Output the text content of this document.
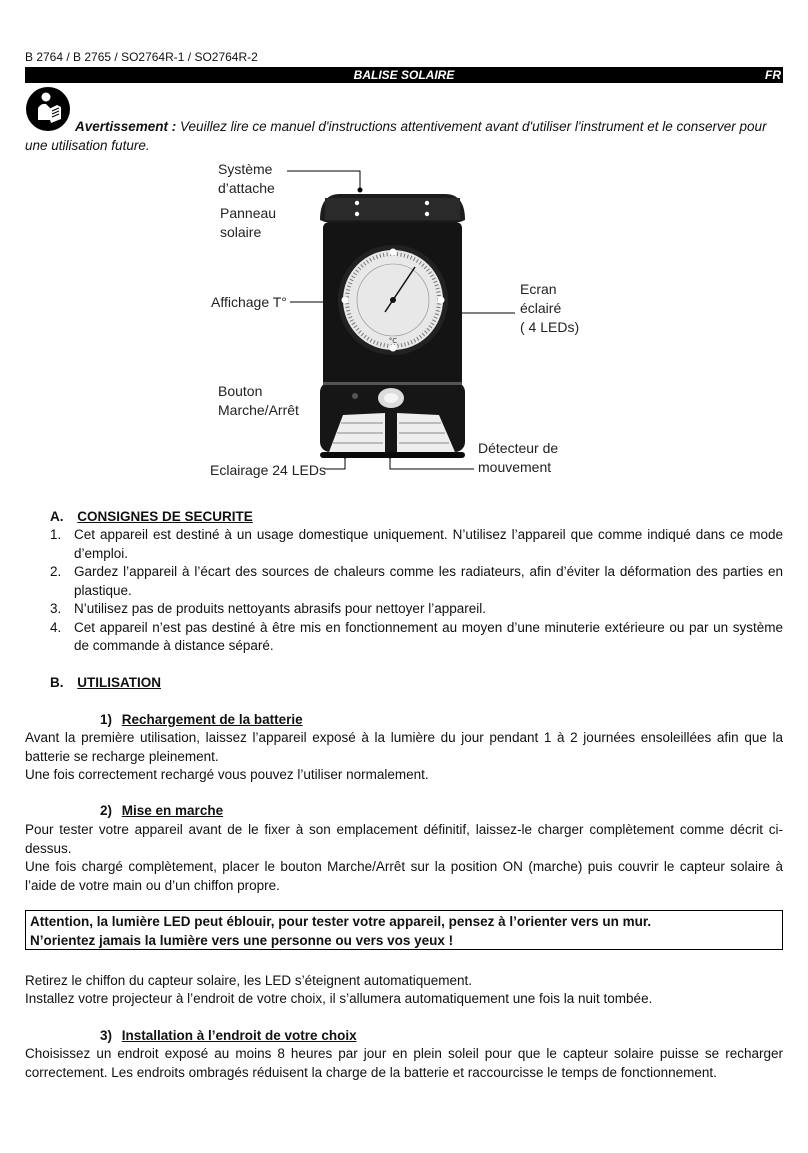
B 2764 / B 2765 / SO2764R-1 / SO2764R-2
BALISE SOLAIRE	FR
Avertissement : Veuillez lire ce manuel d'instructions attentivement avant d'utiliser l'instrument et le conserver pour une utilisation future.
Système
d’attache
Panneau
solaire
Affichage T°
Ecran
éclairé
( 4 LEDs)
Bouton
Marche/Arrêt
Eclairage 24 LEDs
Détecteur de
mouvement
°C
A. CONSIGNES DE SECURITE
1. Cet appareil est destiné à un usage domestique uniquement. N’utilisez l’appareil que comme indiqué dans ce mode d’emploi.
2. Gardez l’appareil à l’écart des sources de chaleurs comme les radiateurs, afin d’éviter la déformation des parties en plastique.
3. N’utilisez pas de produits nettoyants abrasifs pour nettoyer l’appareil.
4. Cet appareil n’est pas destiné à être mis en fonctionnement au moyen d’une minuterie extérieure ou par un système de commande à distance séparé.
B. UTILISATION
1) Rechargement de la batterie
Avant la première utilisation, laissez l’appareil exposé à la lumière du jour pendant 1 à 2 journées ensoleillées afin que la batterie se recharge pleinement.
Une fois correctement rechargé vous pouvez l’utiliser normalement.
2) Mise en marche
Pour tester votre appareil avant de le fixer à son emplacement définitif, laissez-le charger complètement comme décrit ci-dessus.
Une fois chargé complètement, placer le bouton Marche/Arrêt sur la position ON (marche) puis couvrir le capteur solaire à l’aide de votre main ou d’un chiffon propre.
Attention, la lumière LED peut éblouir, pour tester votre appareil, pensez à l’orienter vers un mur.
N’orientez jamais la lumière vers une personne ou vers vos yeux !
Retirez le chiffon du capteur solaire, les LED s’éteignent automatiquement.
Installez votre projecteur à l’endroit de votre choix, il s’allumera automatiquement une fois la nuit tombée.
3) Installation à l’endroit de votre choix
Choisissez un endroit exposé au moins 8 heures par jour en plein soleil pour que le capteur solaire puisse se recharger correctement. Les endroits ombragés réduisent la charge de la batterie et raccourcisse le temps de fonctionnement.
